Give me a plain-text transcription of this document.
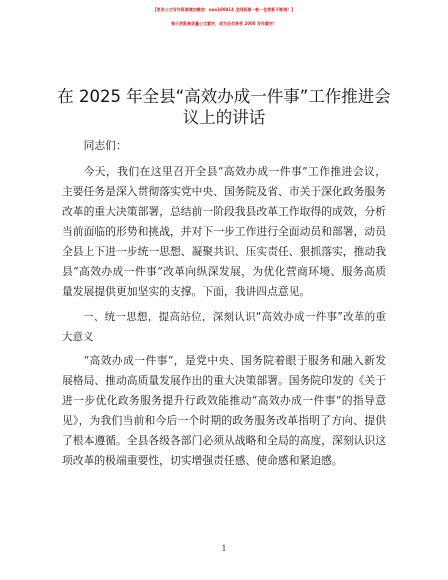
【更多公文写作资源请加微信：nuo180914 全网资源一帐一包更新不断哦！】
每日更新高质量公文素材，成为会员享受 2000 写作素材！
在 2025 年全县“高效办成一件事”工作推进会
议上的讲话

同志们：

今天，我们在这里召开全县“高效办成一件事”工作推进会议，主要任务是深入贯彻落实党中央、国务院及省、市关于深化政务服务改革的重大决策部署，总结前一阶段我县改革工作取得的成效，分析当前面临的形势和挑战，并对下一步工作进行全面动员和部署，动员全县上下进一步统一思想、凝聚共识、压实责任、狠抓落实，推动我县“高效办成一件事”改革向纵深发展，为优化营商环境、服务高质量发展提供更加坚实的支撑。下面，我讲四点意见。

一、统一思想，提高站位，深刻认识“高效办成一件事”改革的重大意义

“高效办成一件事”，是党中央、国务院着眼于服务和融入新发展格局、推动高质量发展作出的重大决策部署。国务院印发的《关于进一步优化政务服务提升行政效能推动“高效办成一件事”的指导意见》，为我们当前和今后一个时期的政务服务改革指明了方向、提供了根本遵循。全县各级各部门必须从战略和全局的高度，深刻认识这项改革的极端重要性，切实增强责任感、使命感和紧迫感。

1
